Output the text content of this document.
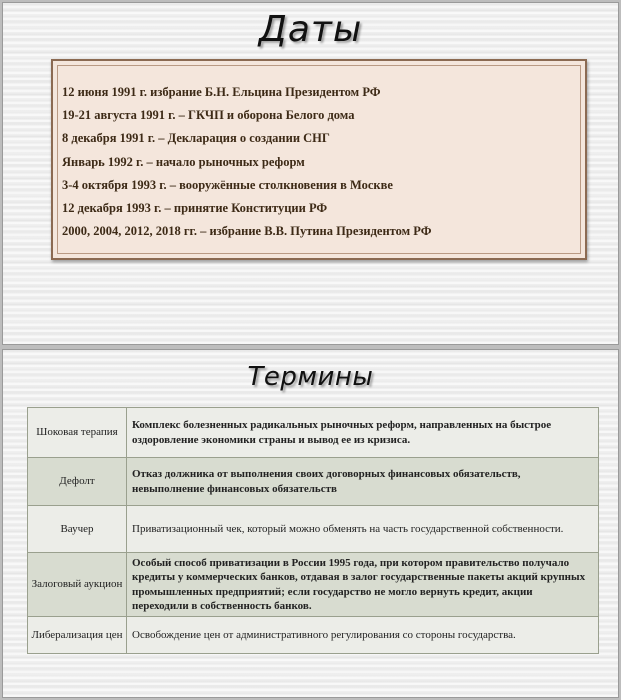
Даты
12 июня 1991 г. избрание Б.Н. Ельцина Президентом РФ
19-21 августа 1991 г. – ГКЧП и оборона Белого дома
8 декабря 1991 г. – Декларация о создании СНГ
Январь 1992 г. – начало рыночных реформ
3-4 октября 1993 г. – вооружённые столкновения в Москве
12 декабря 1993 г. – принятие Конституции РФ
2000, 2004, 2012, 2018 гг. – избрание В.В. Путина Президентом РФ
Термины
Шоковая терапия	Комплекс болезненных радикальных рыночных реформ, направленных на быстрое оздоровление экономики страны и вывод ее из кризиса.
Дефолт	Отказ должника от выполнения своих договорных финансовых обязательств, невыполнение финансовых обязательств
Ваучер	Приватизационный чек, который можно обменять на часть государственной собственности.
Залоговый аукцион	Особый способ приватизации в России 1995 года, при котором правительство получало кредиты у коммерческих банков, отдавая в залог государственные пакеты акций крупных промышленных предприятий; если государство не могло вернуть кредит, акции переходили в собственность банков.
Либерализация цен	Освобождение цен от административного регулирования со стороны государства.
